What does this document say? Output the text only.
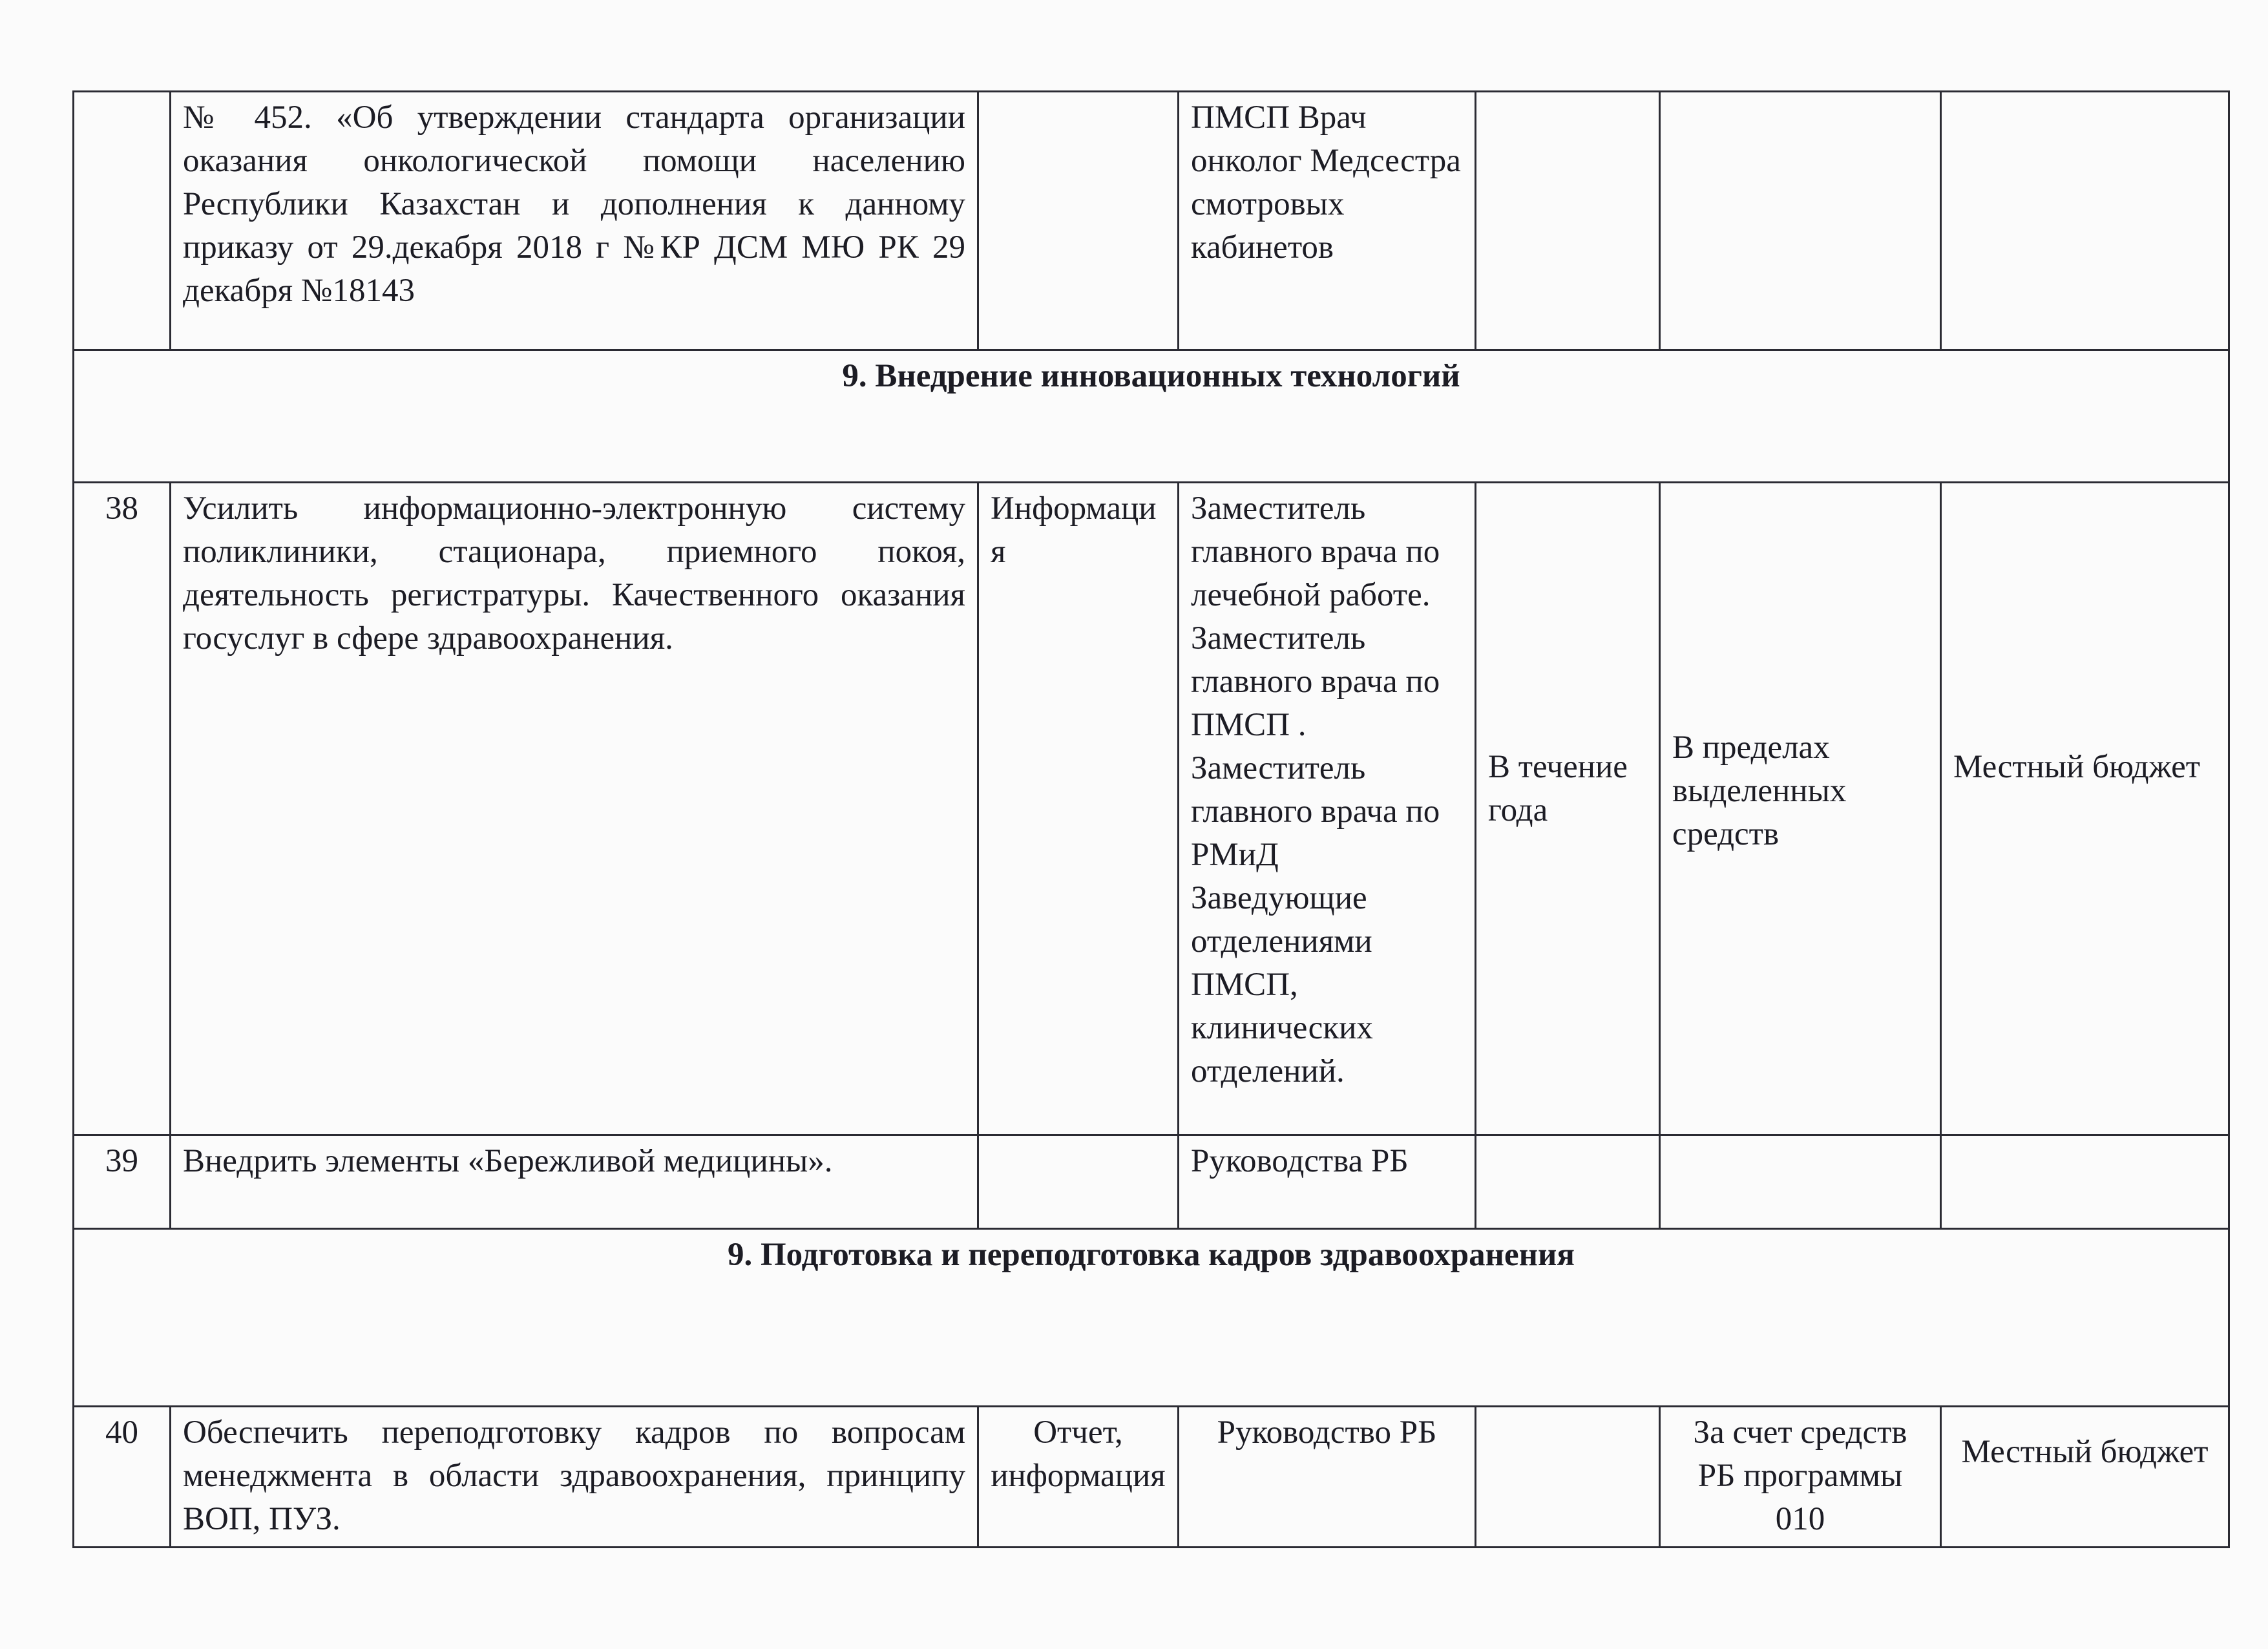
	№ 452. «Об утверждении стандарта организации оказания онкологической помощи населению Республики Казахстан и дополнения к данному приказу от 29.декабря 2018 г №КР ДСМ МЮ РК 29 декабря №18143		ПМСП Врач онколог Медсестра смотровых кабинетов			
9. Внедрение инновационных технологий						
38	Усилить информационно-электронную систему поликлиники, стационара, приемного покоя, деятельность регистратуры. Качественного оказания госуслуг в сфере здравоохранения.	Информация	Заместитель главного врача по лечебной работе. Заместитель главного врача по ПМСП . Заместитель главного врача по РМиД Заведующие отделениями ПМСП, клинических отделений.	В течение года	В пределах выделенных средств	Местный бюджет
39	Внедрить элементы «Бережливой медицины».		Руководства РБ			
9. Подготовка и переподготовка кадров здравоохранения						
40	Обеспечить переподготовку кадров по вопросам менеджмента в области здравоохранения, принципу ВОП, ПУЗ.	Отчет, информация	Руководство РБ		За счет средств РБ программы 010	Местный бюджет
